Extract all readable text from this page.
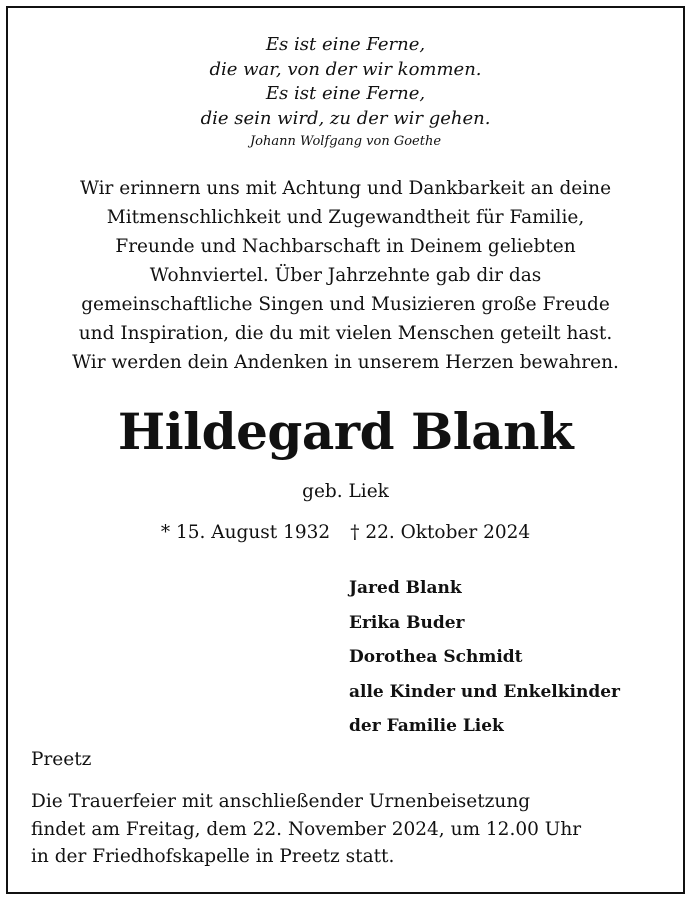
Es ist eine Ferne,
die war, von der wir kommen.
Es ist eine Ferne,
die sein wird, zu der wir gehen.
Johann Wolfgang von Goethe
Wir erinnern uns mit Achtung und Dankbarkeit an deine
Mitmenschlichkeit und Zugewandtheit für Familie,
Freunde und Nachbarschaft in Deinem geliebten
Wohnviertel. Über Jahrzehnte gab dir das
gemeinschaftliche Singen und Musizieren große Freude
und Inspiration, die du mit vielen Menschen geteilt hast.
Wir werden dein Andenken in unserem Herzen bewahren.
Hildegard Blank
geb. Liek
* 15. August 1932 † 22. Oktober 2024
Jared Blank
Erika Buder
Dorothea Schmidt
alle Kinder und Enkelkinder
der Familie Liek
Preetz
Die Trauerfeier mit anschließender Urnenbeisetzung
findet am Freitag, dem 22. November 2024, um 12.00 Uhr
in der Friedhofskapelle in Preetz statt.
